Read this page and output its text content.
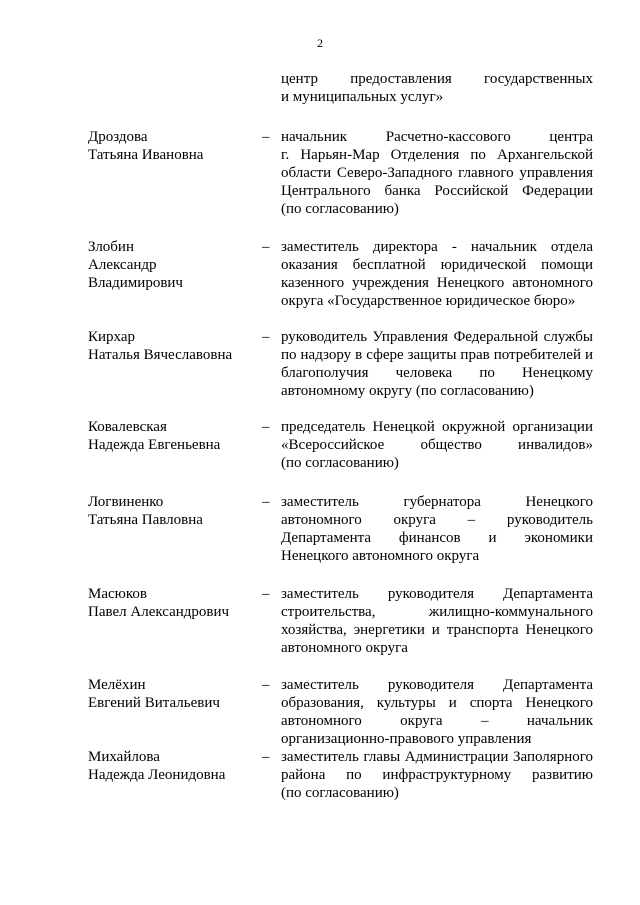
2
центр предоставления государственных
и муниципальных услуг»
Дроздова
Татьяна Ивановна
– начальник Расчетно-кассового центра
г. Нарьян-Мар Отделения по Архангельской
области Северо-Западного главного управления
Центрального банка Российской Федерации
(по согласованию)
Злобин
Александр
Владимирович
– заместитель директора - начальник отдела
оказания бесплатной юридической помощи
казенного учреждения Ненецкого автономного
округа «Государственное юридическое бюро»
Кирхар
Наталья Вячеславовна
– руководитель Управления Федеральной службы
по надзору в сфере защиты прав потребителей и
благополучия человека по Ненецкому
автономному округу (по согласованию)
Ковалевская
Надежда Евгеньевна
– председатель Ненецкой окружной организации
«Всероссийское общество инвалидов»
(по согласованию)
Логвиненко
Татьяна Павловна
– заместитель губернатора Ненецкого
автономного округа – руководитель
Департамента финансов и экономики
Ненецкого автономного округа
Масюков
Павел Александрович
– заместитель руководителя Департамента
строительства, жилищно-коммунального
хозяйства, энергетики и транспорта Ненецкого
автономного округа
Мелёхин
Евгений Витальевич
– заместитель руководителя Департамента
образования, культуры и спорта Ненецкого
автономного округа – начальник
организационно-правового управления
Михайлова
Надежда Леонидовна
– заместитель главы Администрации Заполярного
района по инфраструктурному развитию
(по согласованию)
